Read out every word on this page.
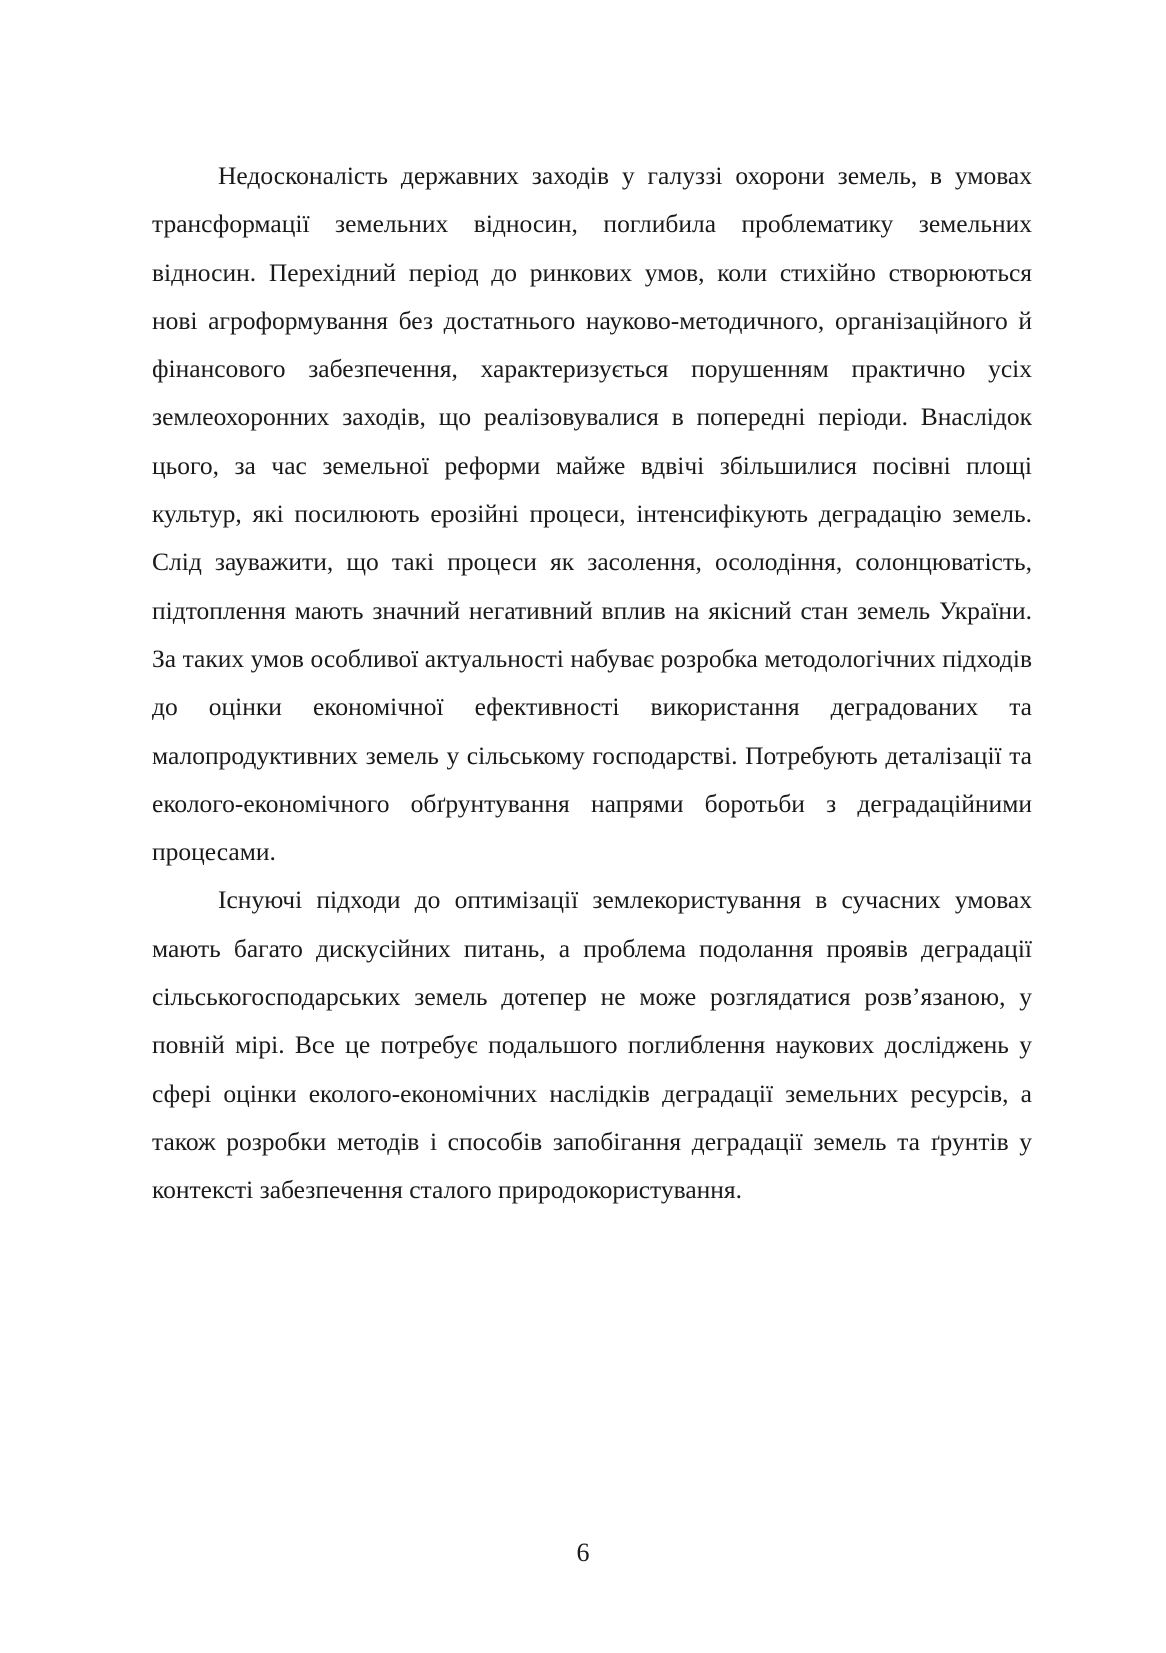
Недосконалість державних заходів у галуззі охорони земель, в умовах трансформації земельних відносин, поглибила проблематику земельних відносин. Перехідний період до ринкових умов, коли стихійно створюються нові агроформування без достатнього науково-методичного, організаційного й фінансового забезпечення, характеризується порушенням практично усіх землеохоронних заходів, що реалізовувалися в попередні періоди. Внаслідок цього, за час земельної реформи майже вдвічі збільшилися посівні площі культур, які посилюють ерозійні процеси, інтенсифікують деградацію земель. Слід зауважити, що такі процеси як засолення, осолодіння, солонцюватість, підтоплення мають значний негативний вплив на якісний стан земель України. За таких умов особливої актуальності набуває розробка методологічних підходів до оцінки економічної ефективності використання деградованих та малопродуктивних земель у сільському господарстві. Потребують деталізації та еколого-економічного обґрунтування напрями боротьби з деградаційними процесами.

Існуючі підходи до оптимізації землекористування в сучасних умовах мають багато дискусійних питань, а проблема подолання проявів деградації сільськогосподарських земель дотепер не може розглядатися розв’язаною, у повній мірі. Все це потребує подальшого поглиблення наукових досліджень у сфері оцінки еколого-економічних наслідків деградації земельних ресурсів, а також розробки методів і способів запобігання деградації земель та ґрунтів у контексті забезпечення сталого природокористування.

6
